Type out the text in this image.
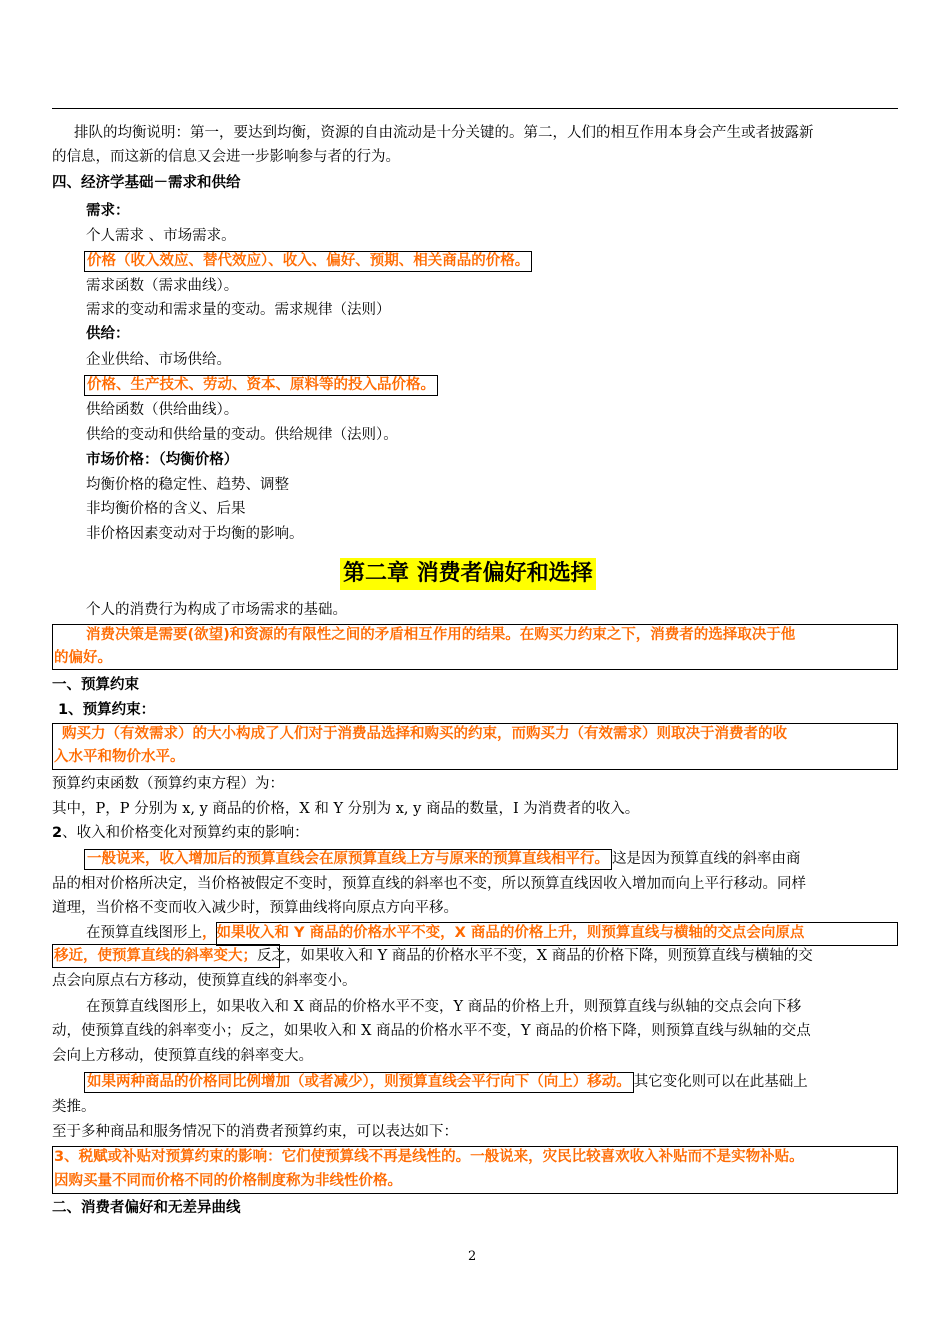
排队的均衡说明：第一，要达到均衡，资源的自由流动是十分关键的。第二，人们的相互作用本身会产生或者披露新
的信息，而这新的信息又会进一步影响参与者的行为。
四、经济学基础－需求和供给
需求：
个人需求 、市场需求。
价格（收入效应、替代效应）、收入、偏好、预期、相关商品的价格。
需求函数（需求曲线）。
需求的变动和需求量的变动。需求规律（法则）
供给：
企业供给、市场供给。
价格、生产技术、劳动、资本、原料等的投入品价格。
供给函数（供给曲线）。
供给的变动和供给量的变动。供给规律（法则）。
市场价格：（均衡价格）
均衡价格的稳定性、趋势、调整
非均衡价格的含义、后果
非价格因素变动对于均衡的影响。
第二章 消费者偏好和选择
个人的消费行为构成了市场需求的基础。
消费决策是需要(欲望)和资源的有限性之间的矛盾相互作用的结果。在购买力约束之下，消费者的选择取决于他
的偏好。
一、预算约束
1、预算约束：
购买力（有效需求）的大小构成了人们对于消费品选择和购买的约束，而购买力（有效需求）则取决于消费者的收
入水平和物价水平。
预算约束函数（预算约束方程）为：
其中，P，P 分别为 x, y 商品的价格，X 和 Y 分别为 x, y 商品的数量，I 为消费者的收入。
2、收入和价格变化对预算约束的影响：
一般说来，收入增加后的预算直线会在原预算直线上方与原来的预算直线相平行。 这是因为预算直线的斜率由商
品的相对价格所决定，当价格被假定不变时，预算直线的斜率也不变，所以预算直线因收入增加而向上平行移动。同样
道理，当价格不变而收入减少时，预算曲线将向原点方向平移。
在预算直线图形上，如果收入和 Y 商品的价格水平不变，X 商品的价格上升，则预算直线与横轴的交点会向原点
移近，使预算直线的斜率变大；反之，如果收入和 Y 商品的价格水平不变，X 商品的价格下降，则预算直线与横轴的交
点会向原点右方移动，使预算直线的斜率变小。
在预算直线图形上，如果收入和 X 商品的价格水平不变，Y 商品的价格上升，则预算直线与纵轴的交点会向下移
动，使预算直线的斜率变小；反之，如果收入和 X 商品的价格水平不变，Y 商品的价格下降，则预算直线与纵轴的交点
会向上方移动，使预算直线的斜率变大。
如果两种商品的价格同比例增加（或者减少），则预算直线会平行向下（向上）移动。 其它变化则可以在此基础上
类推。
至于多种商品和服务情况下的消费者预算约束，可以表达如下：
3、税赋或补贴对预算约束的影响：它们使预算线不再是线性的。一般说来，灾民比较喜欢收入补贴而不是实物补贴。
因购买量不同而价格不同的价格制度称为非线性价格。
二、消费者偏好和无差异曲线
2
